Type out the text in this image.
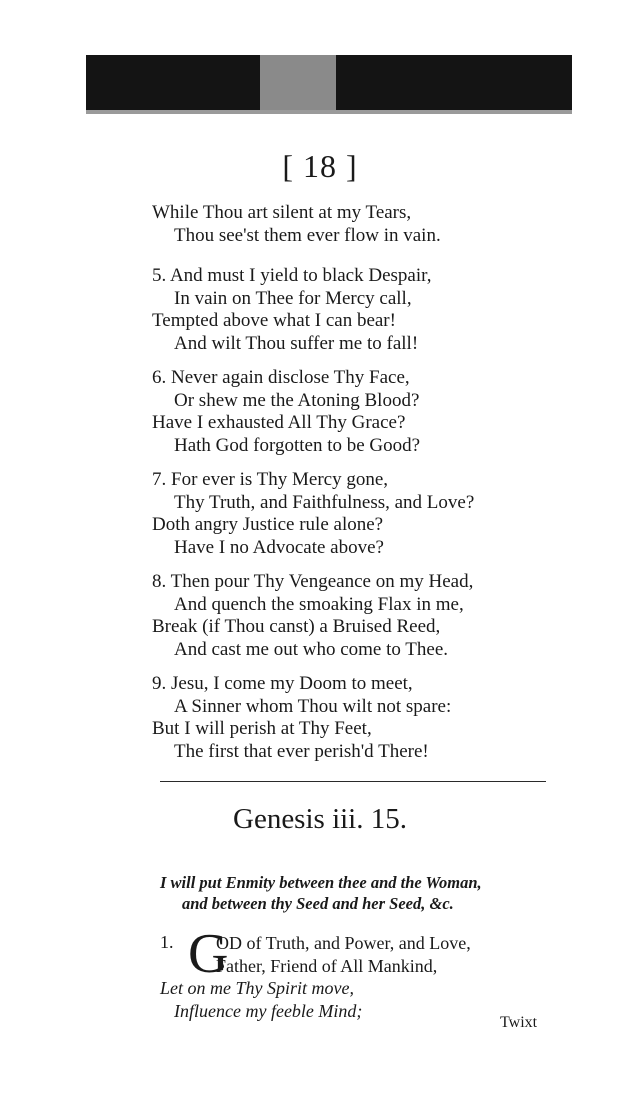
[ 18 ]
While Thou art silent at my Tears,
Thou see'st them ever flow in vain.
5. And must I yield to black Despair,
In vain on Thee for Mercy call,
Tempted above what I can bear!
And wilt Thou suffer me to fall!
6. Never again disclose Thy Face,
Or shew me the Atoning Blood?
Have I exhausted All Thy Grace?
Hath God forgotten to be Good?
7. For ever is Thy Mercy gone,
Thy Truth, and Faithfulness, and Love?
Doth angry Justice rule alone?
Have I no Advocate above?
8. Then pour Thy Vengeance on my Head,
And quench the smoaking Flax in me,
Break (if Thou canst) a Bruised Reed,
And cast me out who come to Thee.
9. Jesu, I come my Doom to meet,
A Sinner whom Thou wilt not spare:
But I will perish at Thy Feet,
The first that ever perish'd There!
Genesis iii. 15.
I will put Enmity between thee and the Woman,
and between thy Seed and her Seed, &c.
1. G
OD of Truth, and Power, and Love,
Father, Friend of All Mankind,
Let on me Thy Spirit move,
Influence my feeble Mind;
Twixt
